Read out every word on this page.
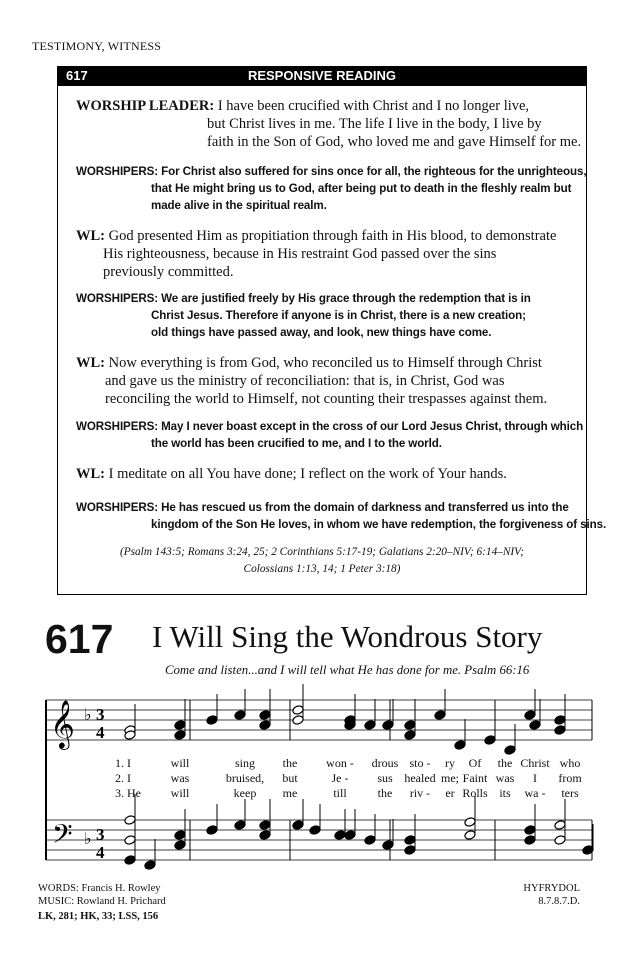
TESTIMONY, WITNESS
617	RESPONSIVE READING
WORSHIP LEADER: I have been crucified with Christ and I no longer live,
but Christ lives in me. The life I live in the body, I live by
faith in the Son of God, who loved me and gave Himself for me.
WORSHIPERS: For Christ also suffered for sins once for all, the righteous for the unrighteous,
that He might bring us to God, after being put to death in the fleshly realm but
made alive in the spiritual realm.
WL: God presented Him as propitiation through faith in His blood, to demonstrate
His righteousness, because in His restraint God passed over the sins
previously committed.
WORSHIPERS: We are justified freely by His grace through the redemption that is in
Christ Jesus. Therefore if anyone is in Christ, there is a new creation;
old things have passed away, and look, new things have come.
WL: Now everything is from God, who reconciled us to Himself through Christ
and gave us the ministry of reconciliation: that is, in Christ, God was
reconciling the world to Himself, not counting their trespasses against them.
WORSHIPERS: May I never boast except in the cross of our Lord Jesus Christ, through which
the world has been crucified to me, and I to the world.
WL: I meditate on all You have done; I reflect on the work of Your hands.
WORSHIPERS: He has rescued us from the domain of darkness and transferred us into the
kingdom of the Son He loves, in whom we have redemption, the forgiveness of sins.
(Psalm 143:5; Romans 3:24, 25; 2 Corinthians 5:17-19; Galatians 2:20–NIV; 6:14–NIV;
Colossians 1:13, 14; 1 Peter 3:18)
617 I Will Sing the Wondrous Story
Come and listen...and I will tell what He has done for me. Psalm 66:16
𝄞
𝄢
♭
♭
3
4
3
4
1. I	will	sing the won - drous sto - ry Of the Christ who
2. I	was	bruised, but	Je - sus healed me; Faint was I from
3. He will	keep me	till	the riv - er Rolls its wa - ters
WORDS: Francis H. Rowley
MUSIC: Rowland H. Prichard
HYFRYDOL
8.7.8.7.D.
LK, 281; HK, 33; LSS, 156
